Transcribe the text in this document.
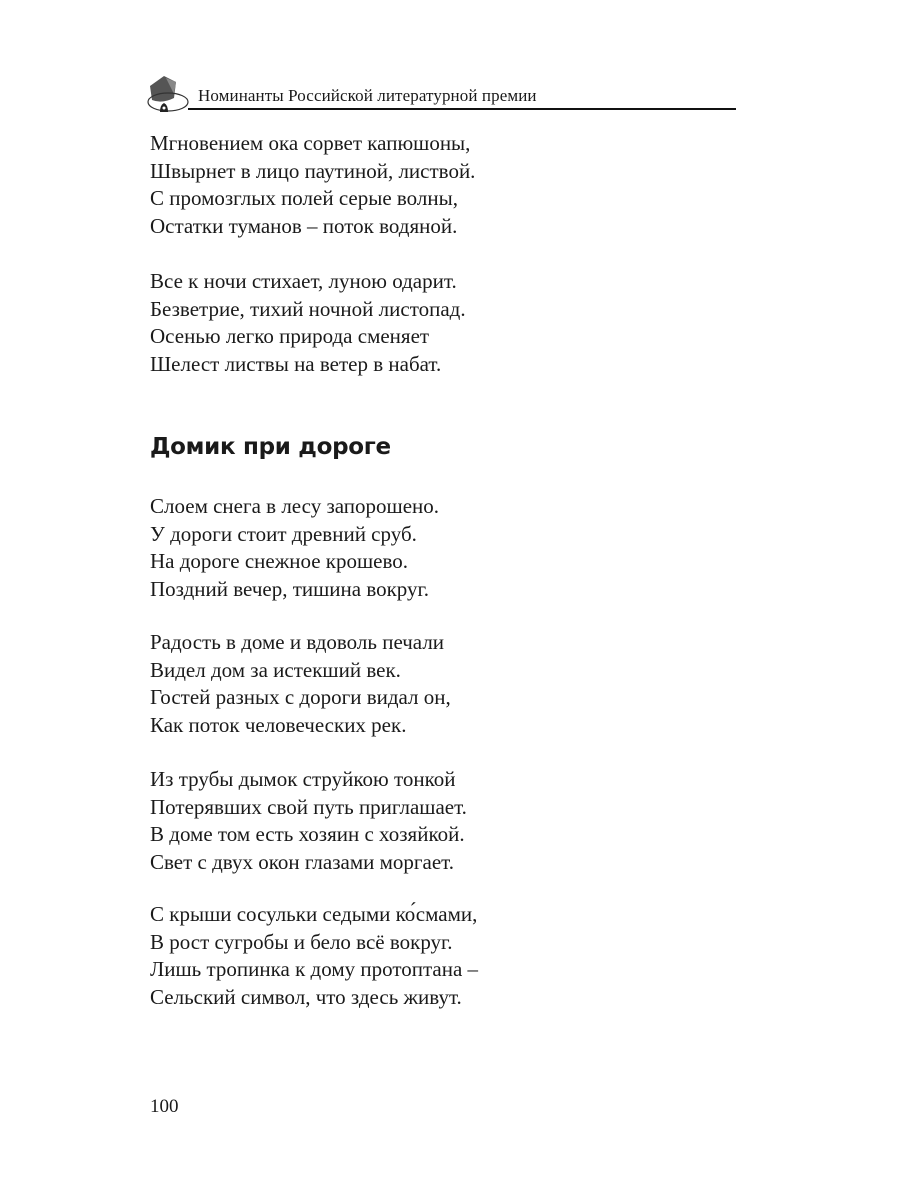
Номинанты Российской литературной премии
Мгновением ока сорвет капюшоны,
Швырнет в лицо паутиной, листвой.
С промозглых полей серые волны,
Остатки туманов – поток водяной.
Все к ночи стихает, луною одарит.
Безветрие, тихий ночной листопад.
Осенью легко природа сменяет
Шелест листвы на ветер в набат.
Домик при дороге
Слоем снега в лесу запорошено.
У дороги стоит древний сруб.
На дороге снежное крошево.
Поздний вечер, тишина вокруг.
Радость в доме и вдоволь печали
Видел дом за истекший век.
Гостей разных с дороги видал он,
Как поток человеческих рек.
Из трубы дымок струйкою тонкой
Потерявших свой путь приглашает.
В доме том есть хозяин с хозяйкой.
Свет с двух окон глазами моргает.
С крыши сосульки седыми ко́смами,
В рост сугробы и бело всё вокруг.
Лишь тропинка к дому протоптана –
Сельский символ, что здесь живут.
100
